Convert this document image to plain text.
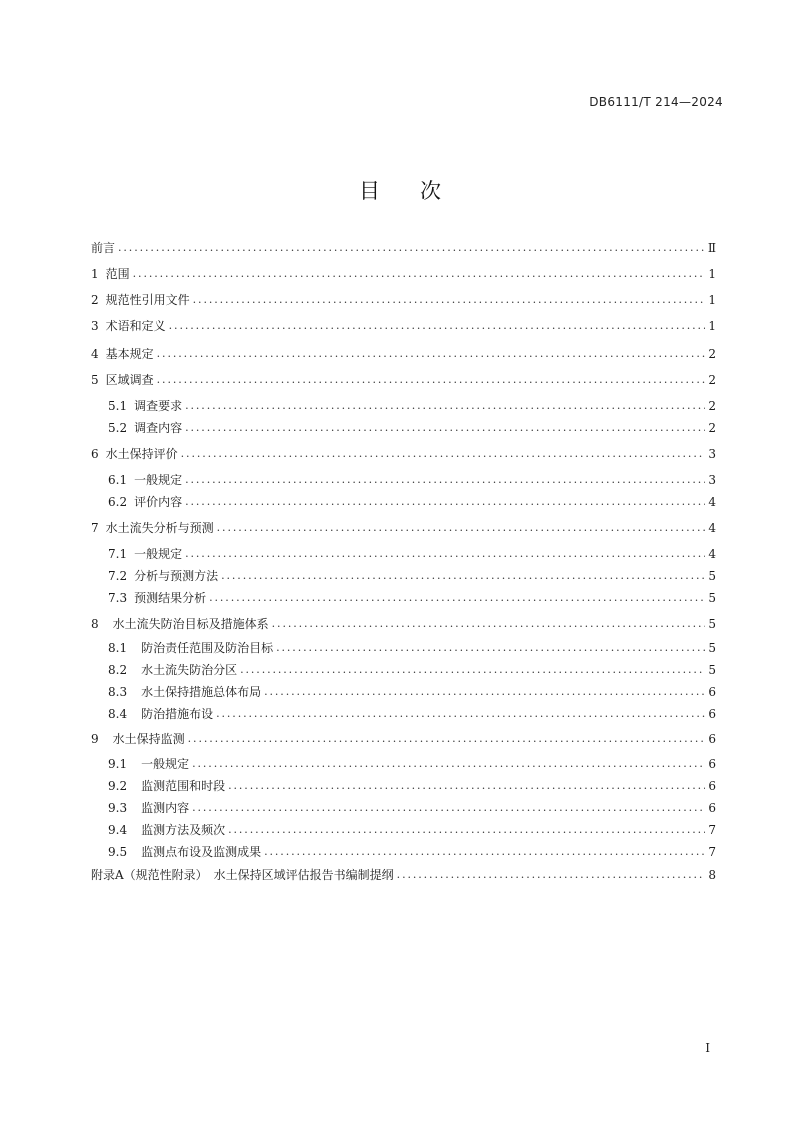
DB6111/T 214—2024
目 次
前言 .....	Ⅱ
1 范围 .....	1
2 规范性引用文件 .....	1
3 术语和定义 .....	1
4 基本规定 .....	2
5 区域调查 .....	2
5.1 调查要求 .....	2
5.2 调查内容 .....	2
6 水土保持评价 .....	3
6.1 一般规定 .....	3
6.2 评价内容 .....	4
7 水土流失分析与预测 .....	4
7.1 一般规定 .....	4
7.2 分析与预测方法 .....	5
7.3 预测结果分析 .....	5
8 水土流失防治目标及措施体系 .....	5
8.1 防治责任范围及防治目标 .....	5
8.2 水土流失防治分区 .....	5
8.3 水土保持措施总体布局 .....	6
8.4 防治措施布设 .....	6
9 水土保持监测 .....	6
9.1 一般规定 .....	6
9.2 监测范围和时段 .....	6
9.3 监测内容 .....	6
9.4 监测方法及频次 .....	7
9.5 监测点布设及监测成果 .....	7
附录A（规范性附录）　水土保持区域评估报告书编制提纲 .....	8
I
